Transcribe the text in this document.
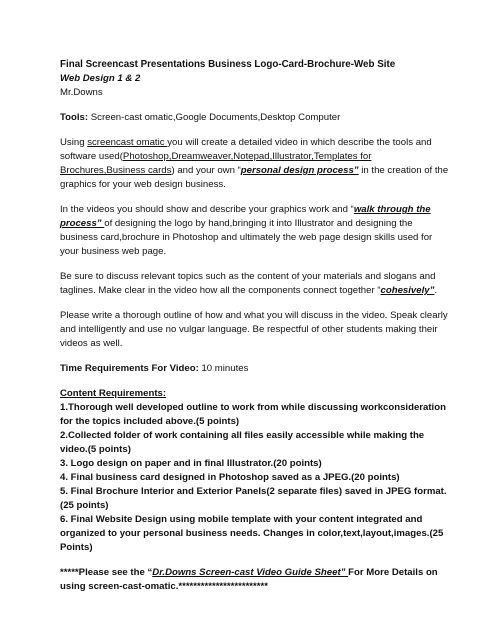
Final Screencast Presentations Business Logo-Card-Brochure-Web Site

Web Design 1 & 2

Mr.Downs

Tools: Screen-cast omatic,Google Documents,Desktop Computer

Using screencast omatic you will create a detailed video in which describe the tools and software used(Photoshop,Dreamweaver,Notepad,Illustrator,Templates for Brochures,Business cards) and your own “personal design process” in the creation of the graphics for your web design business.

In the videos you should show and describe your graphics work and “walk through the process” of designing the logo by hand,bringing it into Illustrator and designing the business card,brochure in Photoshop and ultimately the web page design skills used for your business web page.

Be sure to discuss relevant topics such as the content of your materials and slogans and taglines. Make clear in the video how all the components connect together “cohesively”.

Please write a thorough outline of how and what you will discuss in the video. Speak clearly and intelligently and use no vulgar language. Be respectful of other students making their videos as well.

Time Requirements For Video: 10 minutes

Content Requirements:

1.Thorough well developed outline to work from while discussing workconsideration for the topics included above.(5 points)

2.Collected folder of work containing all files easily accessible while making the video.(5 points)

3. Logo design on paper and in final Illustrator.(20 points)

4. Final business card designed in Photoshop saved as a JPEG.(20 points)

5. Final Brochure Interior and Exterior Panels(2 separate files) saved in JPEG format.(25 points)

6. Final Website Design using mobile template with your content integrated and organized to your personal business needs. Changes in color,text,layout,images.(25 Points)

*****Please see the “Dr.Downs Screen-cast Video Guide Sheet” For More Details on using screen-cast-omatic.************************
